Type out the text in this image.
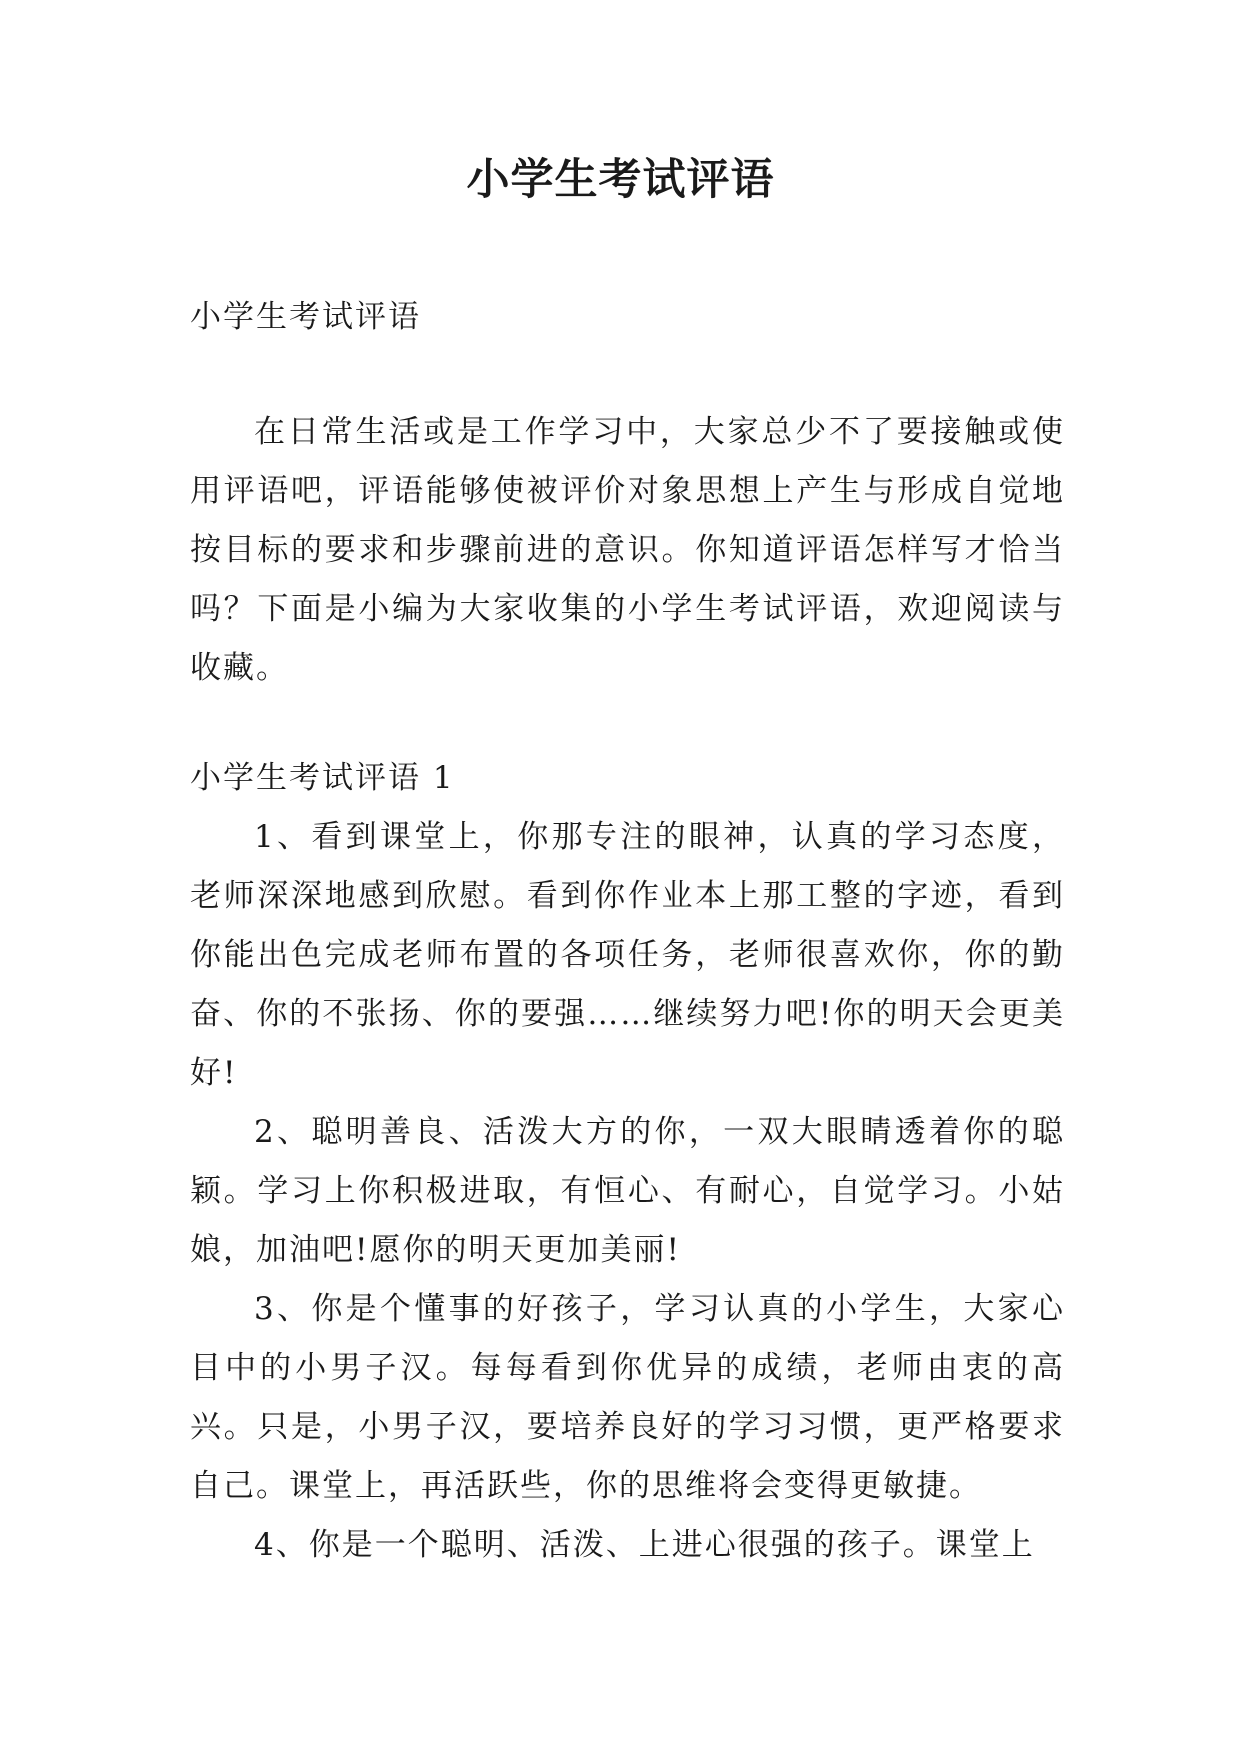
小学生考试评语

小学生考试评语

在日常生活或是工作学习中，大家总少不了要接触或使用评语吧，评语能够使被评价对象思想上产生与形成自觉地按目标的要求和步骤前进的意识。你知道评语怎样写才恰当吗？下面是小编为大家收集的小学生考试评语，欢迎阅读与收藏。

小学生考试评语 1

1、看到课堂上，你那专注的眼神，认真的学习态度，老师深深地感到欣慰。看到你作业本上那工整的字迹，看到你能出色完成老师布置的各项任务，老师很喜欢你，你的勤奋、你的不张扬、你的要强……继续努力吧!你的明天会更美好!

2、聪明善良、活泼大方的你，一双大眼睛透着你的聪颖。学习上你积极进取，有恒心、有耐心，自觉学习。小姑娘，加油吧!愿你的明天更加美丽!

3、你是个懂事的好孩子，学习认真的小学生，大家心目中的小男子汉。每每看到你优异的成绩，老师由衷的高兴。只是，小男子汉，要培养良好的学习习惯，更严格要求自己。课堂上，再活跃些，你的思维将会变得更敏捷。

4、你是一个聪明、活泼、上进心很强的孩子。课堂上
